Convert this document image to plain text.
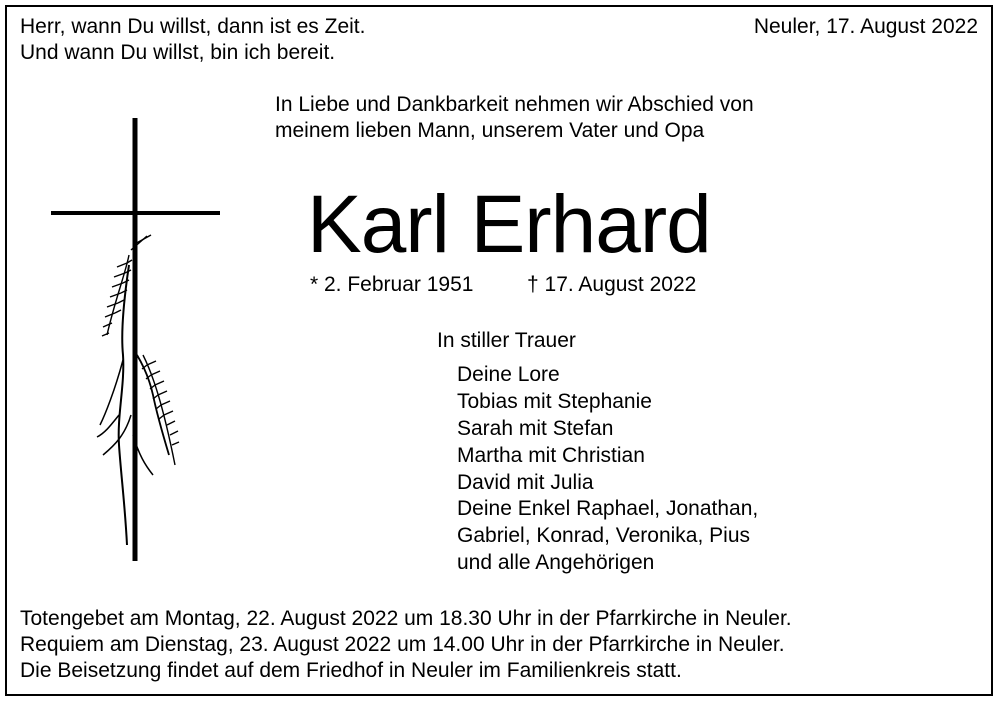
Herr, wann Du willst, dann ist es Zeit.
Und wann Du willst, bin ich bereit.
Neuler, 17. August 2022
In Liebe und Dankbarkeit nehmen wir Abschied von
meinem lieben Mann, unserem Vater und Opa
Karl Erhard
* 2. Februar 1951	† 17. August 2022
In stiller Trauer
Deine Lore
Tobias mit Stephanie
Sarah mit Stefan
Martha mit Christian
David mit Julia
Deine Enkel Raphael, Jonathan,
Gabriel, Konrad, Veronika, Pius
und alle Angehörigen
Totengebet am Montag, 22. August 2022 um 18.30 Uhr in der Pfarrkirche in Neuler.
Requiem am Dienstag, 23. August 2022 um 14.00 Uhr in der Pfarrkirche in Neuler.
Die Beisetzung findet auf dem Friedhof in Neuler im Familienkreis statt.
